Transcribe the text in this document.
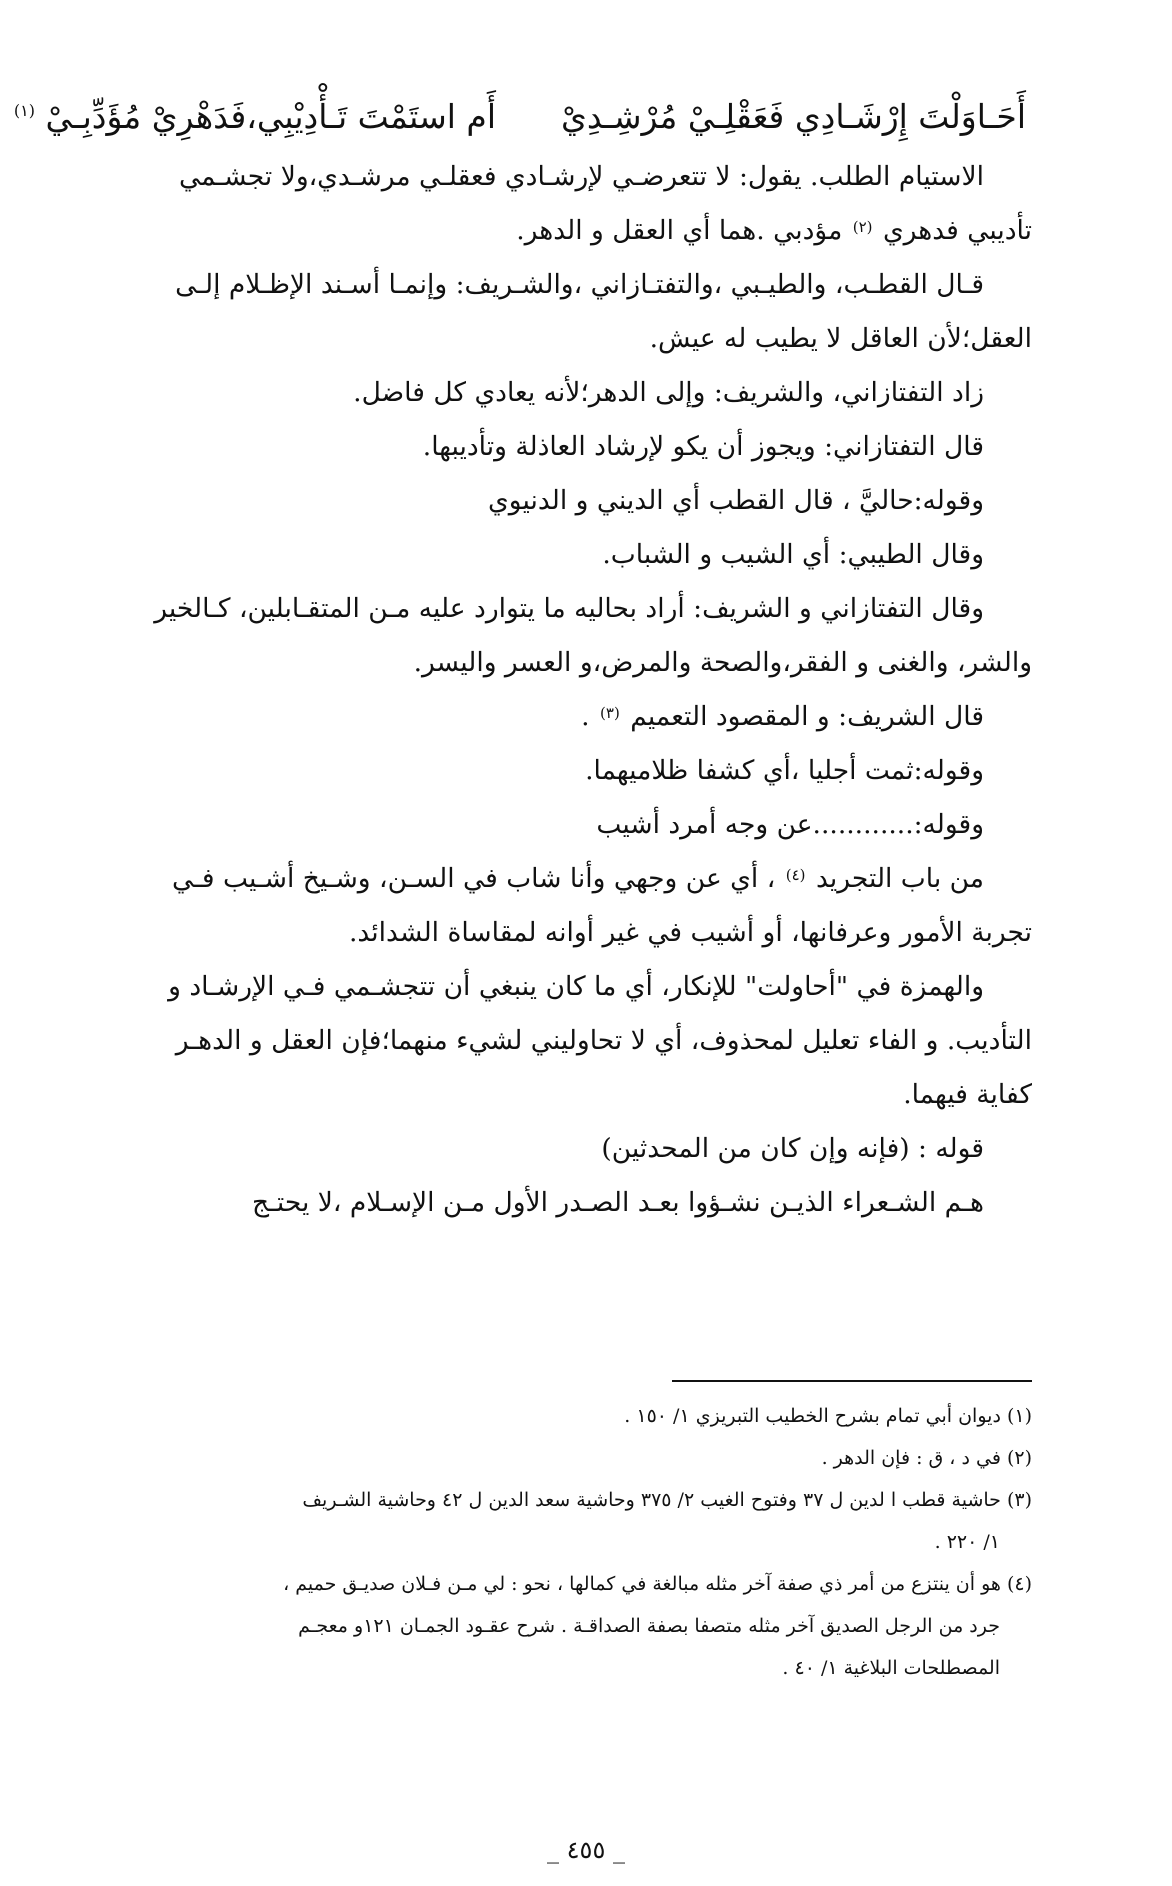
أَحَـاوَلْتَ إِرْشَـادِي فَعَقْلِـيْ مُرْشِـدِيْ
أَم استَمْتَ تَـأْدِيْبِي،فَدَهْرِيْ مُؤَدِّبِـيْ $^{(١)}$

الاستيام الطلب. يقول: لا تتعرضـي لإرشـادي فعقلـي مرشـدي،ولا تجشـمي

تأديبي فدهري $^{(٢)}$ مؤدبي .هما أي العقل و الدهر.

قـال القطـب، والطيـبي ،والتفتـازاني ،والشـريف: وإنمـا أسـند الإظـلام إلـى

العقل؛لأن العاقل لا يطيب له عيش.

زاد التفتازاني، والشريف: وإلى الدهر؛لأنه يعادي كل فاضل.

قال التفتازاني: ويجوز أن يكو لإرشاد العاذلة وتأديبها.

وقوله:حاليَّ ، قال القطب أي الديني و الدنيوي

وقال الطيبي: أي الشيب و الشباب.

وقال التفتازاني و الشريف: أراد بحاليه ما يتوارد عليه مـن المتقـابلين، كـالخير

والشر، والغنى و الفقر،والصحة والمرض،و العسر واليسر.

قال الشريف: و المقصود التعميم $^{(٣)}$ .

وقوله:ثمت أجليا ،أي كشفا ظلاميهما.

وقوله:............عن وجه أمرد أشيب

من باب التجريد $^{(٤)}$ ، أي عن وجهي وأنا شاب في السـن، وشـيخ أشـيب فـي

تجربة الأمور وعرفانها، أو أشيب في غير أوانه لمقاساة الشدائد.

والهمزة في "أحاولت" للإنكار، أي ما كان ينبغي أن تتجشـمي فـي الإرشـاد و

التأديب. و الفاء تعليل لمحذوف، أي لا تحاوليني لشيء منهما؛فإن العقل و الدهـر

كفاية فيهما.

قوله : (فإنه وإن كان من المحدثين)

هـم الشـعراء الذيـن نشـؤوا بعـد الصـدر الأول مـن الإسـلام ،لا يحتـج

(١) ديوان أبي تمام بشرح الخطيب التبريزي ١/ ١٥٠ .

(٢) في د ، ق : فإن الدهر .

(٣) حاشية قطب ا لدين ل ٣٧ وفتوح الغيب ٢/ ٣٧٥ وحاشية سعد الدين ل ٤٢ وحاشية الشـريف

١/ ٢٢٠ .

(٤) هو أن ينتزع من أمر ذي صفة آخر مثله مبالغة في كمالها ، نحو : لي مـن فـلان صديـق حميم ،

جرد من الرجل الصديق آخر مثله متصفا بصفة الصداقـة . شرح عقـود الجمـان ١٢١و معجـم

المصطلحات البلاغية ١/ ٤٠ .

_ ٤٥٥ _
